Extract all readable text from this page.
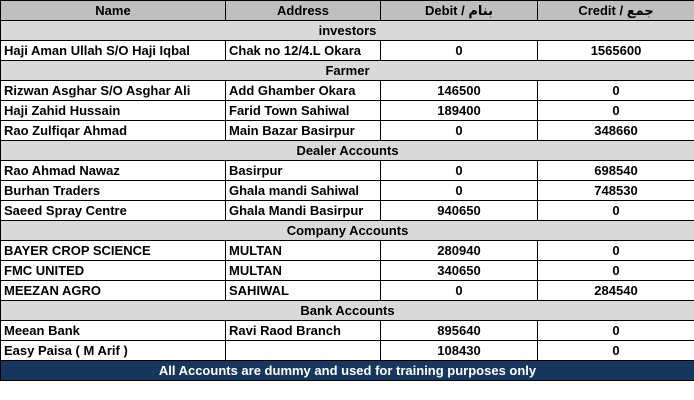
Name	Address	Debit / بنام	Credit / جمع
investors			
Haji Aman Ullah S/O Haji Iqbal	Chak no 12/4.L Okara	0	1565600
Farmer			
Rizwan Asghar S/O Asghar Ali	Add Ghamber Okara	146500	0
Haji Zahid Hussain	Farid Town Sahiwal	189400	0
Rao Zulfiqar Ahmad	Main Bazar Basirpur	0	348660
Dealer Accounts			
Rao Ahmad Nawaz	Basirpur	0	698540
Burhan Traders	Ghala mandi Sahiwal	0	748530
Saeed Spray Centre	Ghala Mandi Basirpur	940650	0
Company Accounts			
BAYER CROP SCIENCE	MULTAN	280940	0
FMC UNITED	MULTAN	340650	0
MEEZAN AGRO	SAHIWAL	0	284540
Bank Accounts			
Meean Bank	Ravi Raod Branch	895640	0
Easy Paisa ( M Arif )		108430	0
All Accounts are dummy and used for training purposes only			
